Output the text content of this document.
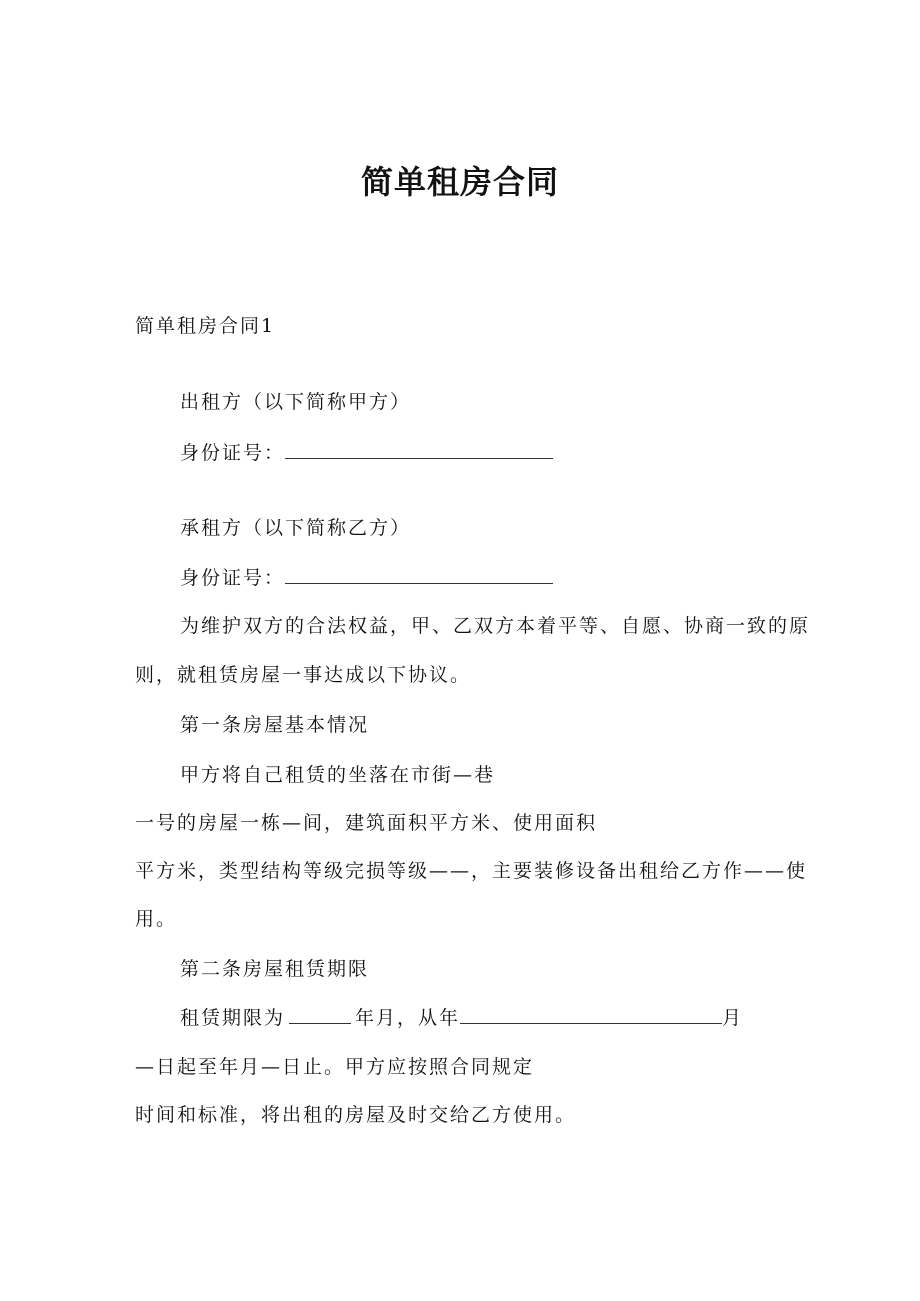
简单租房合同
简单租房合同1
出租方（以下简称甲方）
身份证号：
承租方（以下简称乙方）
身份证号：
为维护双方的合法权益，甲、乙双方本着平等、自愿、协商一致的原
则，就租赁房屋一事达成以下协议。
第一条房屋基本情况
甲方将自己租赁的坐落在市街—巷
一号的房屋一栋—间，建筑面积平方米、使用面积
平方米，类型结构等级完损等级——，主要装修设备出租给乙方作——使
用。
第二条房屋租赁期限
租赁期限为	年月，从年	月
—日起至年月—日止。甲方应按照合同规定
时间和标准，将出租的房屋及时交给乙方使用。
